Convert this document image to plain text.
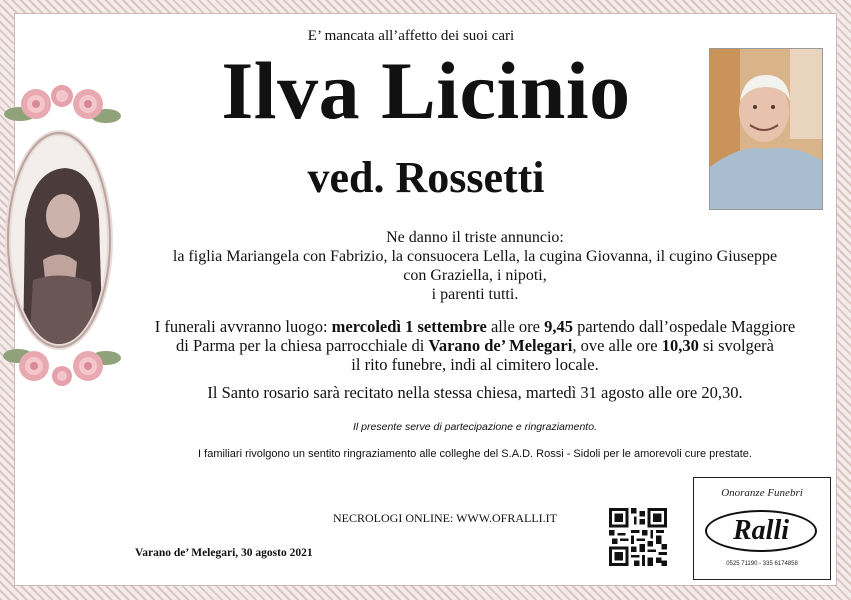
E’ mancata all’affetto dei suoi cari
Ilva Licinio
ved. Rossetti

Ne danno il triste annuncio:

la figlia Mariangela con Fabrizio, la consuocera Lella, la cugina Giovanna, il cugino Giuseppe

con Graziella, i nipoti,

i parenti tutti.

I funerali avvranno luogo: mercoledì 1 settembre alle ore 9,45 partendo dall’ospedale Maggiore

di Parma per la chiesa parrocchiale di Varano de’ Melegari, ove alle ore 10,30 si svolgerà

il rito funebre, indi al cimitero locale.

Il Santo rosario sarà recitato nella stessa chiesa, martedì 31 agosto alle ore 20,30.
Il presente serve di partecipazione e ringraziamento.
I familiari rivolgono un sentito ringraziamento alle colleghe del S.A.D. Rossi - Sidoli per le amorevoli cure prestate.
NECROLOGI ONLINE: WWW.OFRALLI.IT
Varano de’ Melegari, 30 agosto 2021
Onoranze Funebri
Ralli
0525 71190 - 335 6174858
